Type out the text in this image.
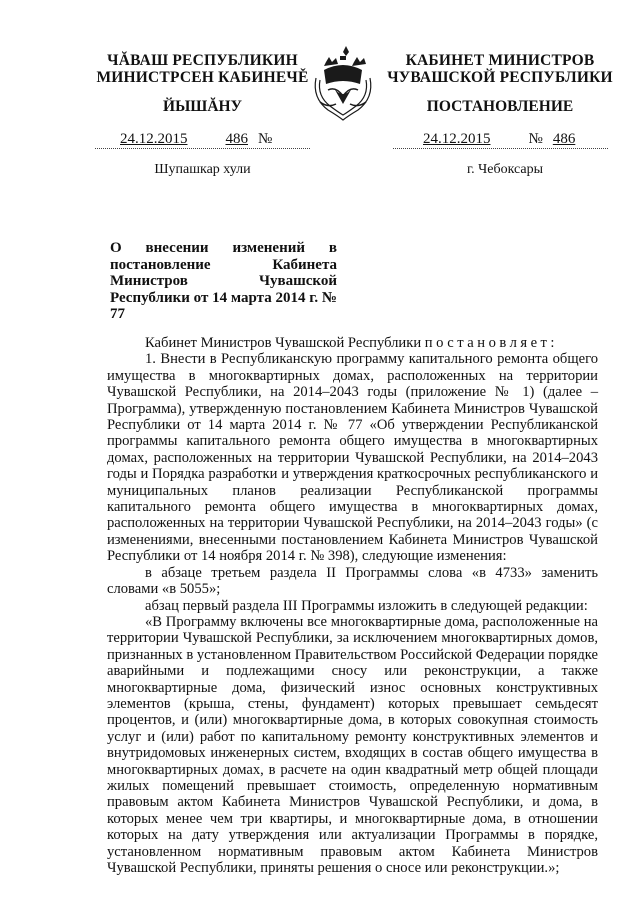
ЧĂВАШ РЕСПУБЛИКИН
МИНИСТРСЕН КАБИНЕЧĚ
ЙЫШĂНУ
КАБИНЕТ МИНИСТРОВ
ЧУВАШСКОЙ РЕСПУБЛИКИ
ПОСТАНОВЛЕНИЕ
24.12.2015	486 №	24.12.2015	№ 486
Шупашкар хули	г. Чебоксары
О внесении изменений в постановление Кабинета Министров Чувашской Республики от 14 марта 2014 г. № 77

Кабинет Министров Чувашской Республики постановляет:

1. Внести в Республиканскую программу капитального ремонта общего имущества в многоквартирных домах, расположенных на территории Чувашской Республики, на 2014–2043 годы (приложение № 1) (далее – Программа), утвержденную постановлением Кабинета Министров Чувашской Республики от 14 марта 2014 г. № 77 «Об утверждении Республиканской программы капитального ремонта общего имущества в многоквартирных домах, расположенных на территории Чувашской Республики, на 2014–2043 годы и Порядка разработки и утверждения краткосрочных республиканского и муниципальных планов реализации Республиканской программы капитального ремонта общего имущества в многоквартирных домах, расположенных на территории Чувашской Республики, на 2014–2043 годы» (с изменениями, внесенными постановлением Кабинета Министров Чувашской Республики от 14 ноября 2014 г. № 398), следующие изменения:

в абзаце третьем раздела II Программы слова «в 4733» заменить словами «в 5055»;

абзац первый раздела III Программы изложить в следующей редакции:

«В Программу включены все многоквартирные дома, расположенные на территории Чувашской Республики, за исключением многоквартирных домов, признанных в установленном Правительством Российской Федерации порядке аварийными и подлежащими сносу или реконструкции, а также многоквартирные дома, физический износ основных конструктивных элементов (крыша, стены, фундамент) которых превышает семьдесят процентов, и (или) многоквартирные дома, в которых совокупная стоимость услуг и (или) работ по капитальному ремонту конструктивных элементов и внутридомовых инженерных систем, входящих в состав общего имущества в многоквартирных домах, в расчете на один квадратный метр общей площади жилых помещений превышает стоимость, определенную нормативным правовым актом Кабинета Министров Чувашской Республики, и дома, в которых менее чем три квартиры, и многоквартирные дома, в отношении которых на дату утверждения или актуализации Программы в порядке, установленном нормативным правовым актом Кабинета Министров Чувашской Республики, приняты решения о сносе или реконструкции.»;
